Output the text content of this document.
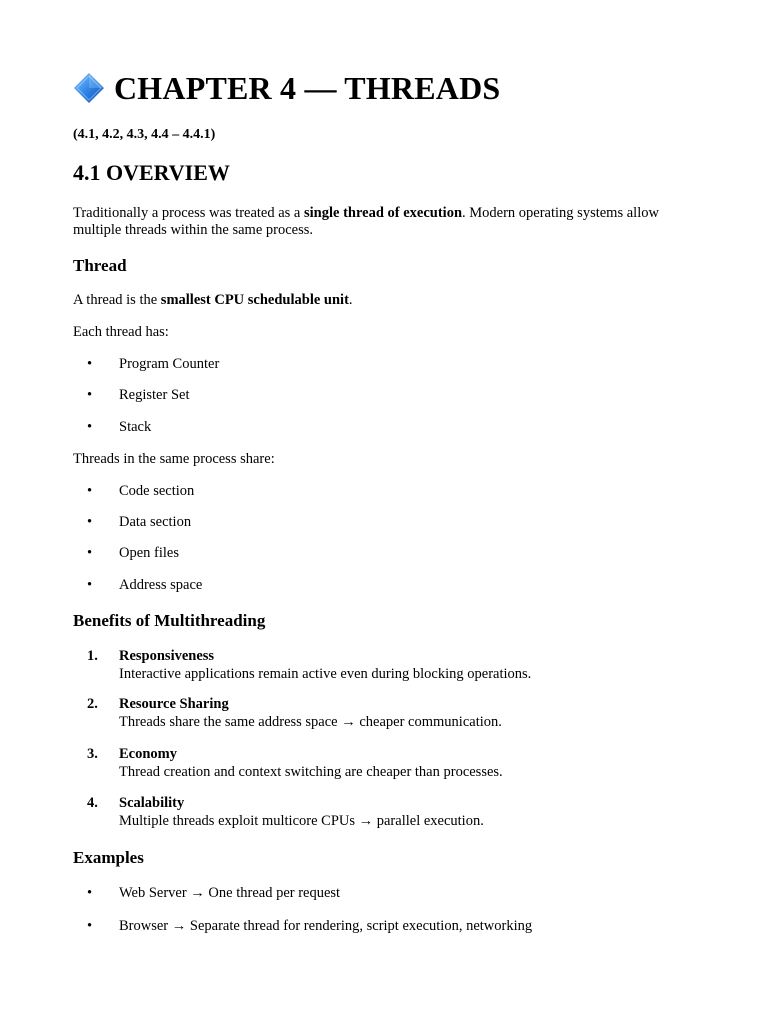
CHAPTER 4 — THREADS
(4.1, 4.2, 4.3, 4.4 – 4.4.1)
4.1 OVERVIEW
Traditionally a process was treated as a single thread of execution. Modern operating systems allow multiple threads within the same process.
Thread
A thread is the smallest CPU schedulable unit.
Each thread has:
• Program Counter
• Register Set
• Stack
Threads in the same process share:
• Code section
• Data section
• Open files
• Address space
Benefits of Multithreading
1. Responsiveness
Interactive applications remain active even during blocking operations.
2. Resource Sharing
Threads share the same address space → cheaper communication.
3. Economy
Thread creation and context switching are cheaper than processes.
4. Scalability
Multiple threads exploit multicore CPUs → parallel execution.
Examples
• Web Server → One thread per request
• Browser → Separate thread for rendering, script execution, networking
